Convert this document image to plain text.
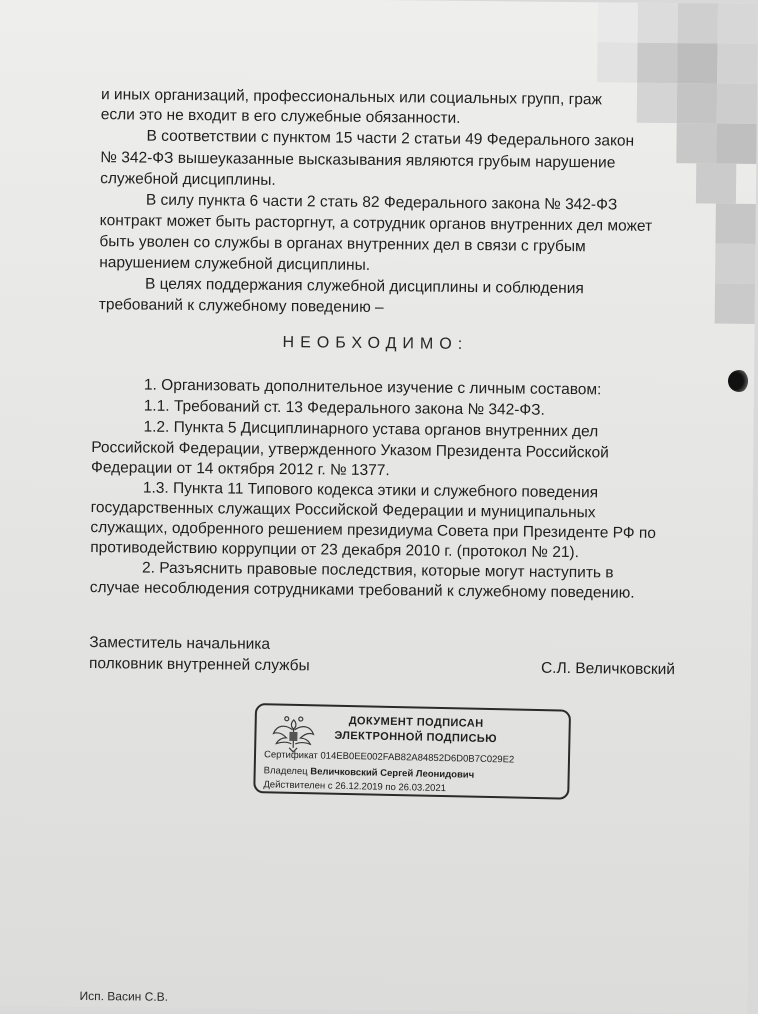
и иных организаций, профессиональных или социальных групп, граж
если это не входит в его служебные обязанности.
В соответствии с пунктом 15 части 2 статьи 49 Федерального закон
№ 342-ФЗ вышеуказанные высказывания являются грубым нарушение
служебной дисциплины.
В силу пункта 6 части 2 стать 82 Федерального закона № 342-ФЗ
контракт может быть расторгнут, а сотрудник органов внутренних дел может
быть уволен со службы в органах внутренних дел в связи с грубым
нарушением служебной дисциплины.
В целях поддержания служебной дисциплины и соблюдения
требований к служебному поведению –
НЕОБХОДИМО:
1. Организовать дополнительное изучение с личным составом:
1.1. Требований ст. 13 Федерального закона № 342-ФЗ.
1.2. Пункта 5 Дисциплинарного устава органов внутренних дел
Российской Федерации, утвержденного Указом Президента Российской
Федерации от 14 октября 2012 г. № 1377.
1.3. Пункта 11 Типового кодекса этики и служебного поведения
государственных служащих Российской Федерации и муниципальных
служащих, одобренного решением президиума Совета при Президенте РФ по
противодействию коррупции от 23 декабря 2010 г. (протокол № 21).
2. Разъяснить правовые последствия, которые могут наступить в
случае несоблюдения сотрудниками требований к служебному поведению.
Заместитель начальника
полковник внутренней службы	С.Л. Величковский
ДОКУМЕНТ ПОДПИСАН
ЭЛЕКТРОННОЙ ПОДПИСЬЮ
Сертификат 014EB0EE002FAB82A84852D6D0B7C029E2
Владелец Величковский Сергей Леонидович
Действителен с 26.12.2019 по 26.03.2021
Исп. Васин С.В.
